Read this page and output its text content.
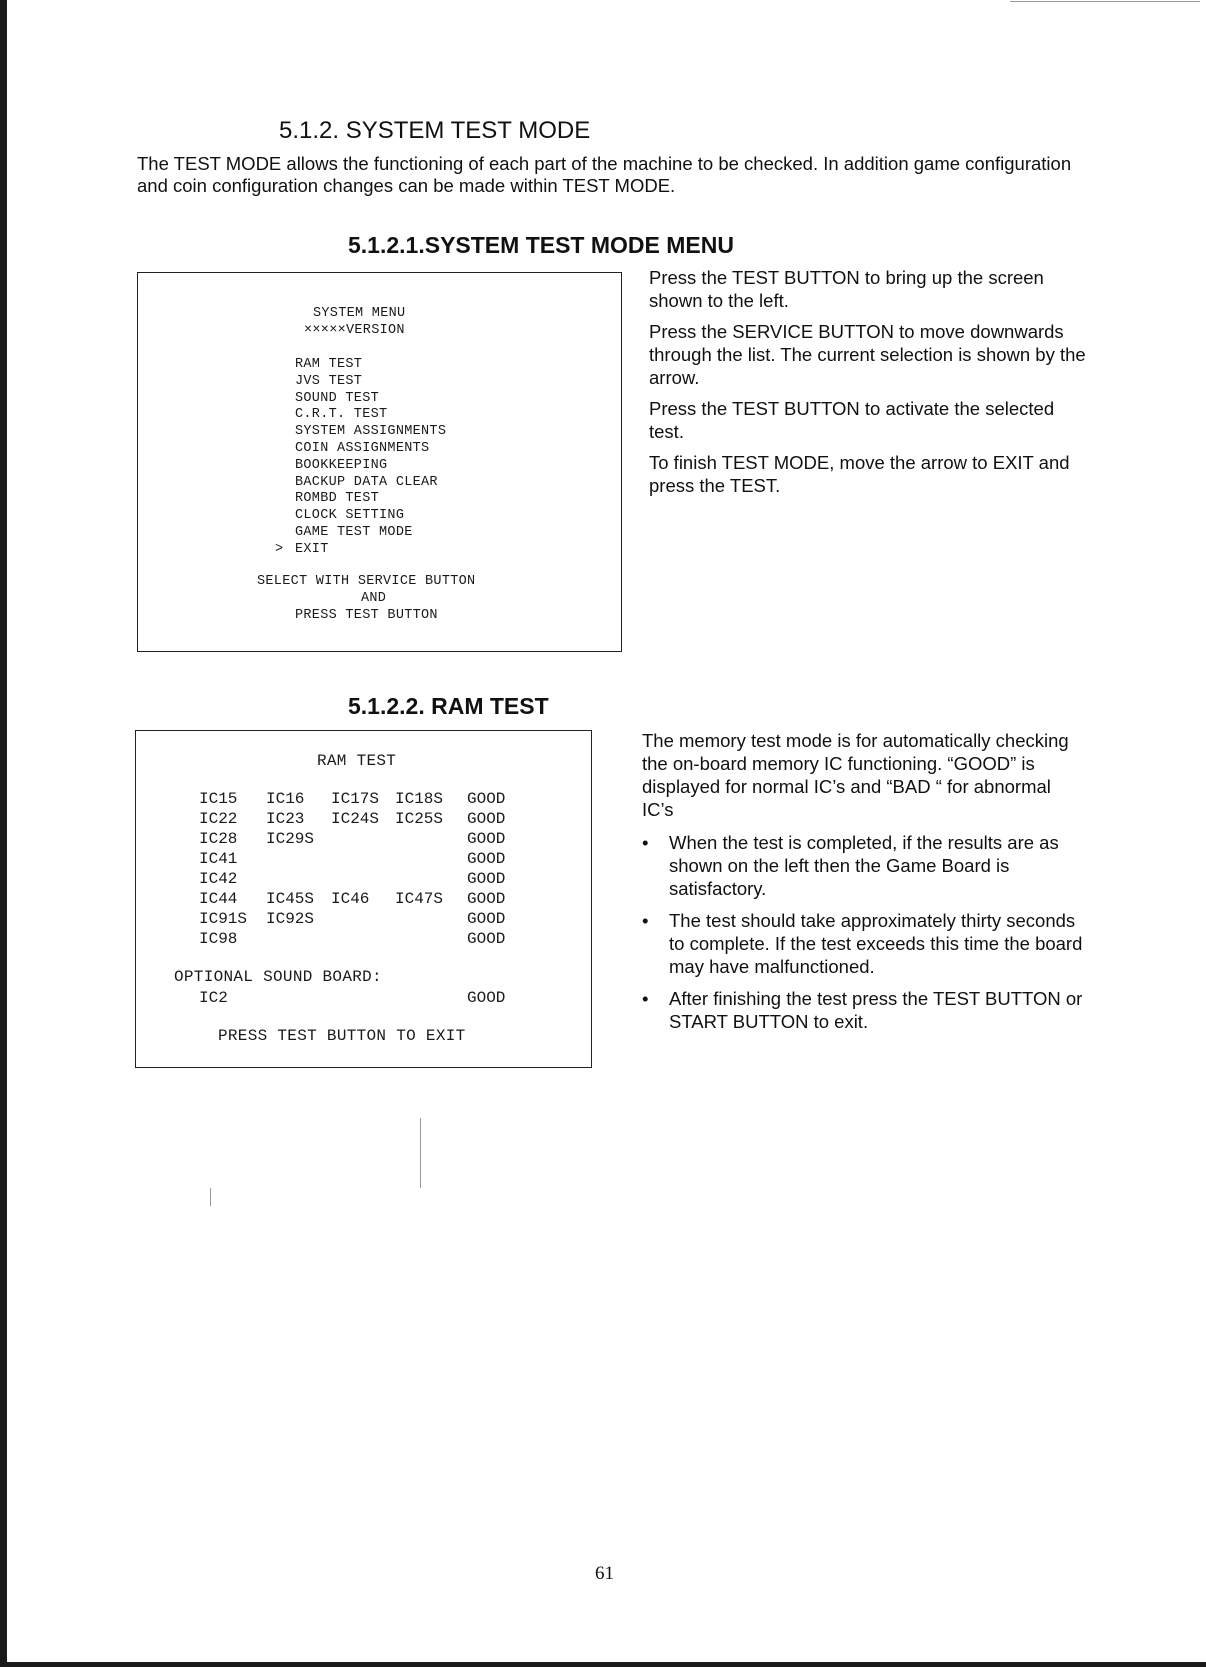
5.1.2. SYSTEM TEST MODE

The TEST MODE allows the functioning of each part of the machine to be checked. In addition game configuration and coin configuration changes can be made within TEST MODE.

5.1.2.1.SYSTEM TEST MODE MENU
SYSTEM MENU
×××××VERSION
RAM TEST
JVS TEST
SOUND TEST
C.R.T. TEST
SYSTEM ASSIGNMENTS
COIN ASSIGNMENTS
BOOKKEEPING
BACKUP DATA CLEAR
ROMBD TEST
CLOCK SETTING
GAME TEST MODE
> EXIT
SELECT WITH SERVICE BUTTON
AND
PRESS TEST BUTTON

Press the TEST BUTTON to bring up the screen shown to the left.

Press the SERVICE BUTTON to move downwards through the list. The current selection is shown by the arrow.

Press the TEST BUTTON to activate the selected test.

To finish TEST MODE, move the arrow to EXIT and press the TEST.

5.1.2.2. RAM TEST
RAM TEST
IC15 IC16 IC17S IC18S GOOD
IC22 IC23 IC24S IC25S GOOD
IC28 IC29S	GOOD
IC41	GOOD
IC42	GOOD
IC44 IC45S IC46 IC47S GOOD
IC91S IC92S	GOOD
IC98	GOOD
OPTIONAL SOUND BOARD:
IC2	GOOD
PRESS TEST BUTTON TO EXIT

The memory test mode is for automatically checking the on-board memory IC functioning. “GOOD” is displayed for normal IC’s and “BAD “ for abnormal IC’s

• When the test is completed, if the results are as shown on the left then the Game Board is satisfactory.
• The test should take approximately thirty seconds to complete. If the test exceeds this time the board may have malfunctioned.
• After finishing the test press the TEST BUTTON or START BUTTON to exit.
61
